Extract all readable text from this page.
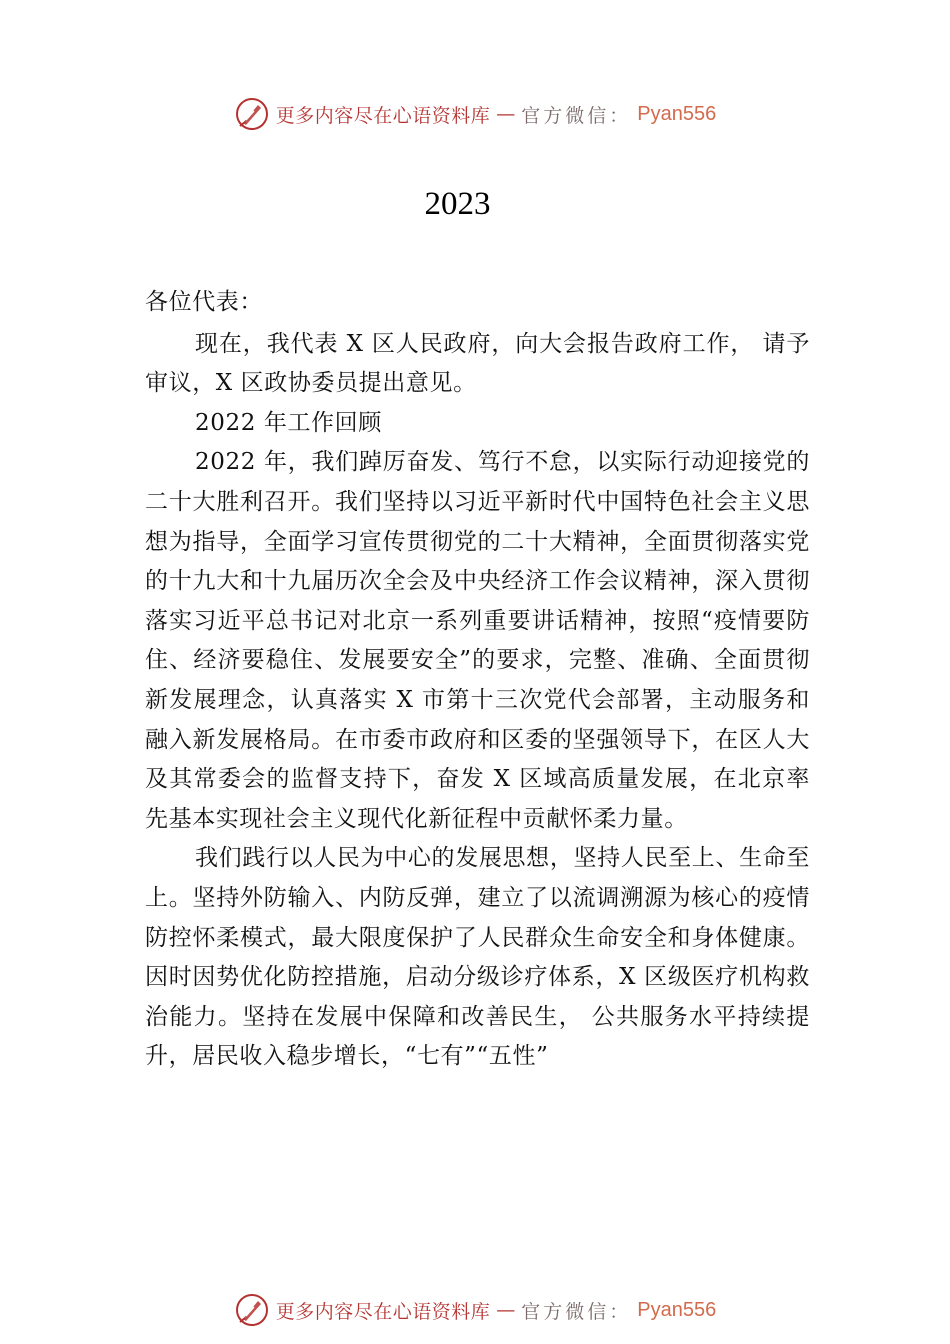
更多内容尽在心语资料库 — 官方微信： Pyan556
2023

各位代表：

现在，我代表 X 区人民政府，向大会报告政府工作， 请予审议，X 区政协委员提出意见。

2022 年工作回顾

2022 年，我们踔厉奋发、笃行不怠，以实际行动迎接党的二十大胜利召开。我们坚持以习近平新时代中国特色社会主义思想为指导，全面学习宣传贯彻党的二十大精神，全面贯彻落实党的十九大和十九届历次全会及中央经济工作会议精神，深入贯彻落实习近平总书记对北京一系列重要讲话精神，按照“疫情要防住、经济要稳住、发展要安全”的要求，完整、准确、全面贯彻新发展理念，认真落实 X 市第十三次党代会部署，主动服务和融入新发展格局。在市委市政府和区委的坚强领导下，在区人大及其常委会的监督支持下，奋发 X 区域高质量发展，在北京率先基本实现社会主义现代化新征程中贡献怀柔力量。

我们践行以人民为中心的发展思想，坚持人民至上、生命至上。坚持外防输入、内防反弹，建立了以流调溯源为核心的疫情防控怀柔模式，最大限度保护了人民群众生命安全和身体健康。因时因势优化防控措施，启动分级诊疗体系，X 区级医疗机构救治能力。坚持在发展中保障和改善民生， 公共服务水平持续提升，居民收入稳步增长，“七有”“五性”

更多内容尽在心语资料库 — 官方微信： Pyan556
